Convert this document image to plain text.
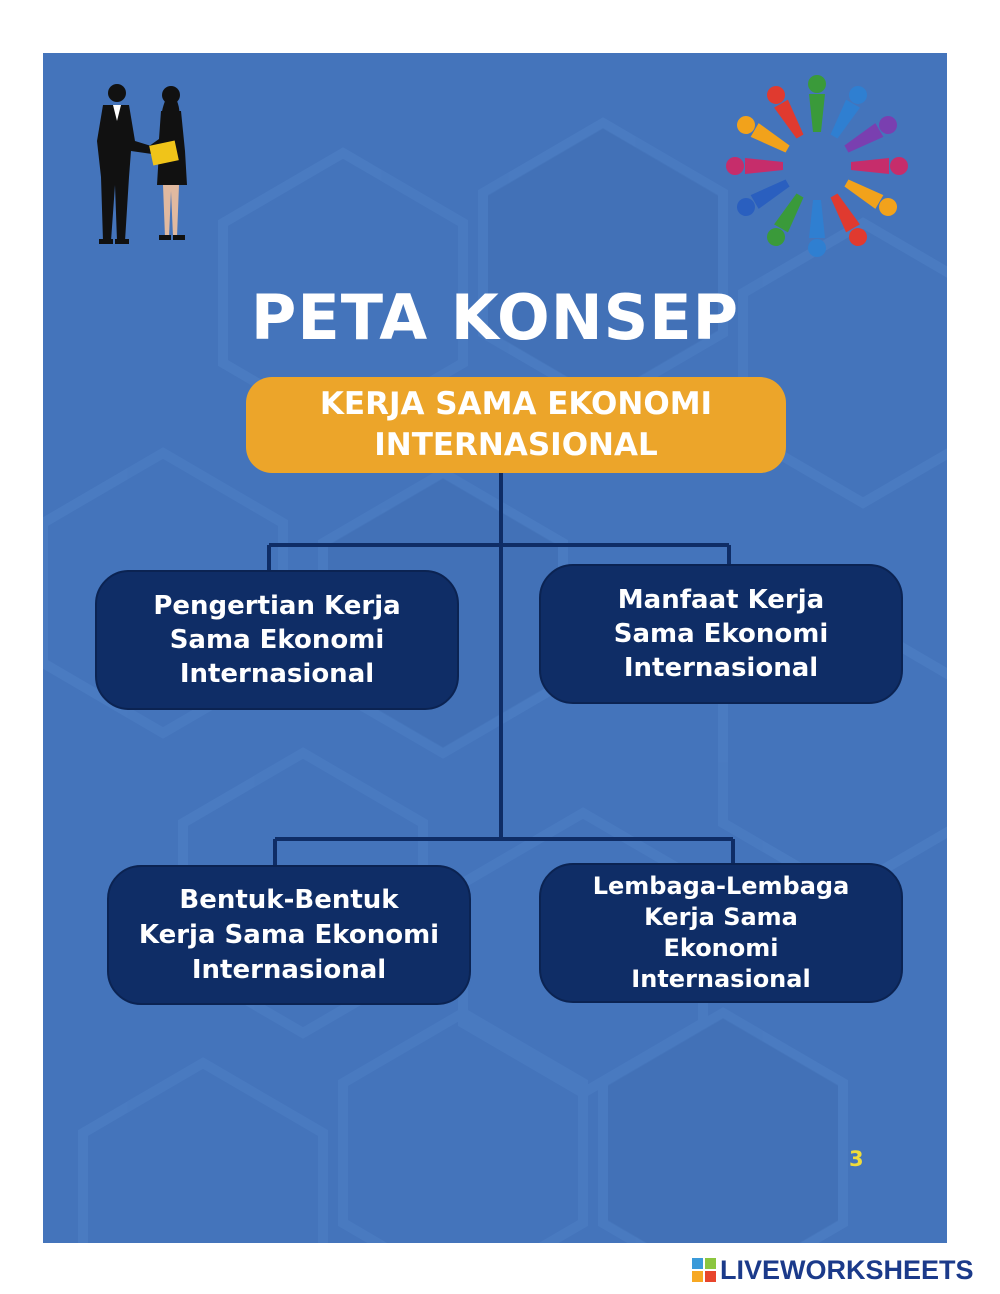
PETA KONSEP
KERJA SAMA EKONOMI
INTERNASIONAL
Pengertian Kerja
Sama Ekonomi
Internasional
Manfaat Kerja
Sama Ekonomi
Internasional
Bentuk-Bentuk
Kerja Sama Ekonomi
Internasional
Lembaga-Lembaga
Kerja Sama
Ekonomi
Internasional
3
LIVEWORKSHEETS
